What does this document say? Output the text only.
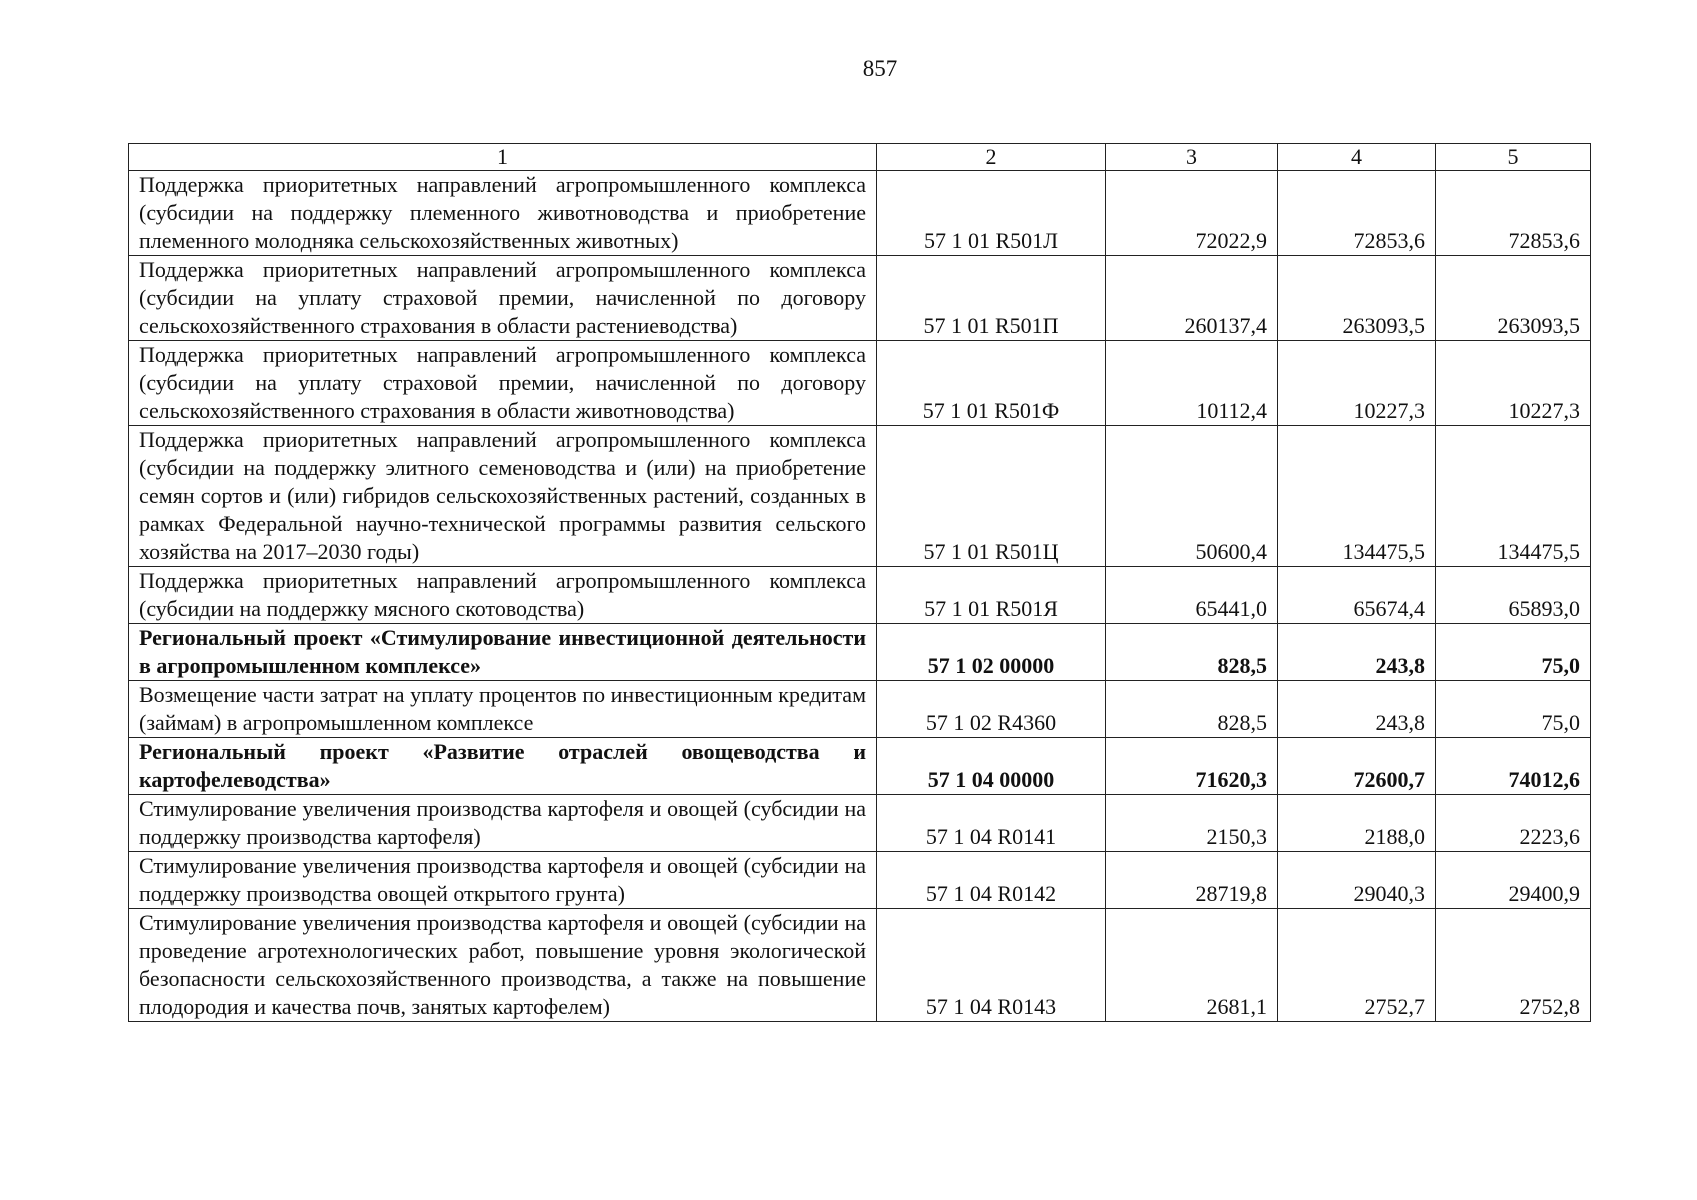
857
1	2	3	4	5
Поддержка приоритетных направлений агропромышленного комплекса (субсидии на поддержку племенного животноводства и приобретение племенного молодняка сельскохозяйственных животных)	57 1 01 R501Л	72022,9	72853,6	72853,6
Поддержка приоритетных направлений агропромышленного комплекса (субсидии на уплату страховой премии, начисленной по договору сельскохозяйственного страхования в области растениеводства)	57 1 01 R501П	260137,4	263093,5	263093,5
Поддержка приоритетных направлений агропромышленного комплекса (субсидии на уплату страховой премии, начисленной по договору сельскохозяйственного страхования в области животноводства)	57 1 01 R501Ф	10112,4	10227,3	10227,3
Поддержка приоритетных направлений агропромышленного комплекса (субсидии на поддержку элитного семеноводства и (или) на приобретение семян сортов и (или) гибридов сельскохозяйственных растений, созданных в рамках Федеральной научно-технической программы развития сельского хозяйства на 2017–2030 годы)	57 1 01 R501Ц	50600,4	134475,5	134475,5
Поддержка приоритетных направлений агропромышленного комплекса (субсидии на поддержку мясного скотоводства)	57 1 01 R501Я	65441,0	65674,4	65893,0
Региональный проект «Стимулирование инвестиционной деятельности в агропромышленном комплексе»	57 1 02 00000	828,5	243,8	75,0
Возмещение части затрат на уплату процентов по инвестиционным кредитам (займам) в агропромышленном комплексе	57 1 02 R4360	828,5	243,8	75,0
Региональный проект «Развитие отраслей овощеводства и картофелеводства»	57 1 04 00000	71620,3	72600,7	74012,6
Стимулирование увеличения производства картофеля и овощей (субсидии на поддержку производства картофеля)	57 1 04 R0141	2150,3	2188,0	2223,6
Стимулирование увеличения производства картофеля и овощей (субсидии на поддержку производства овощей открытого грунта)	57 1 04 R0142	28719,8	29040,3	29400,9
Стимулирование увеличения производства картофеля и овощей (субсидии на проведение агротехнологических работ, повышение уровня экологической безопасности сельскохозяйственного производства, а также на повышение плодородия и качества почв, занятых картофелем)	57 1 04 R0143	2681,1	2752,7	2752,8
